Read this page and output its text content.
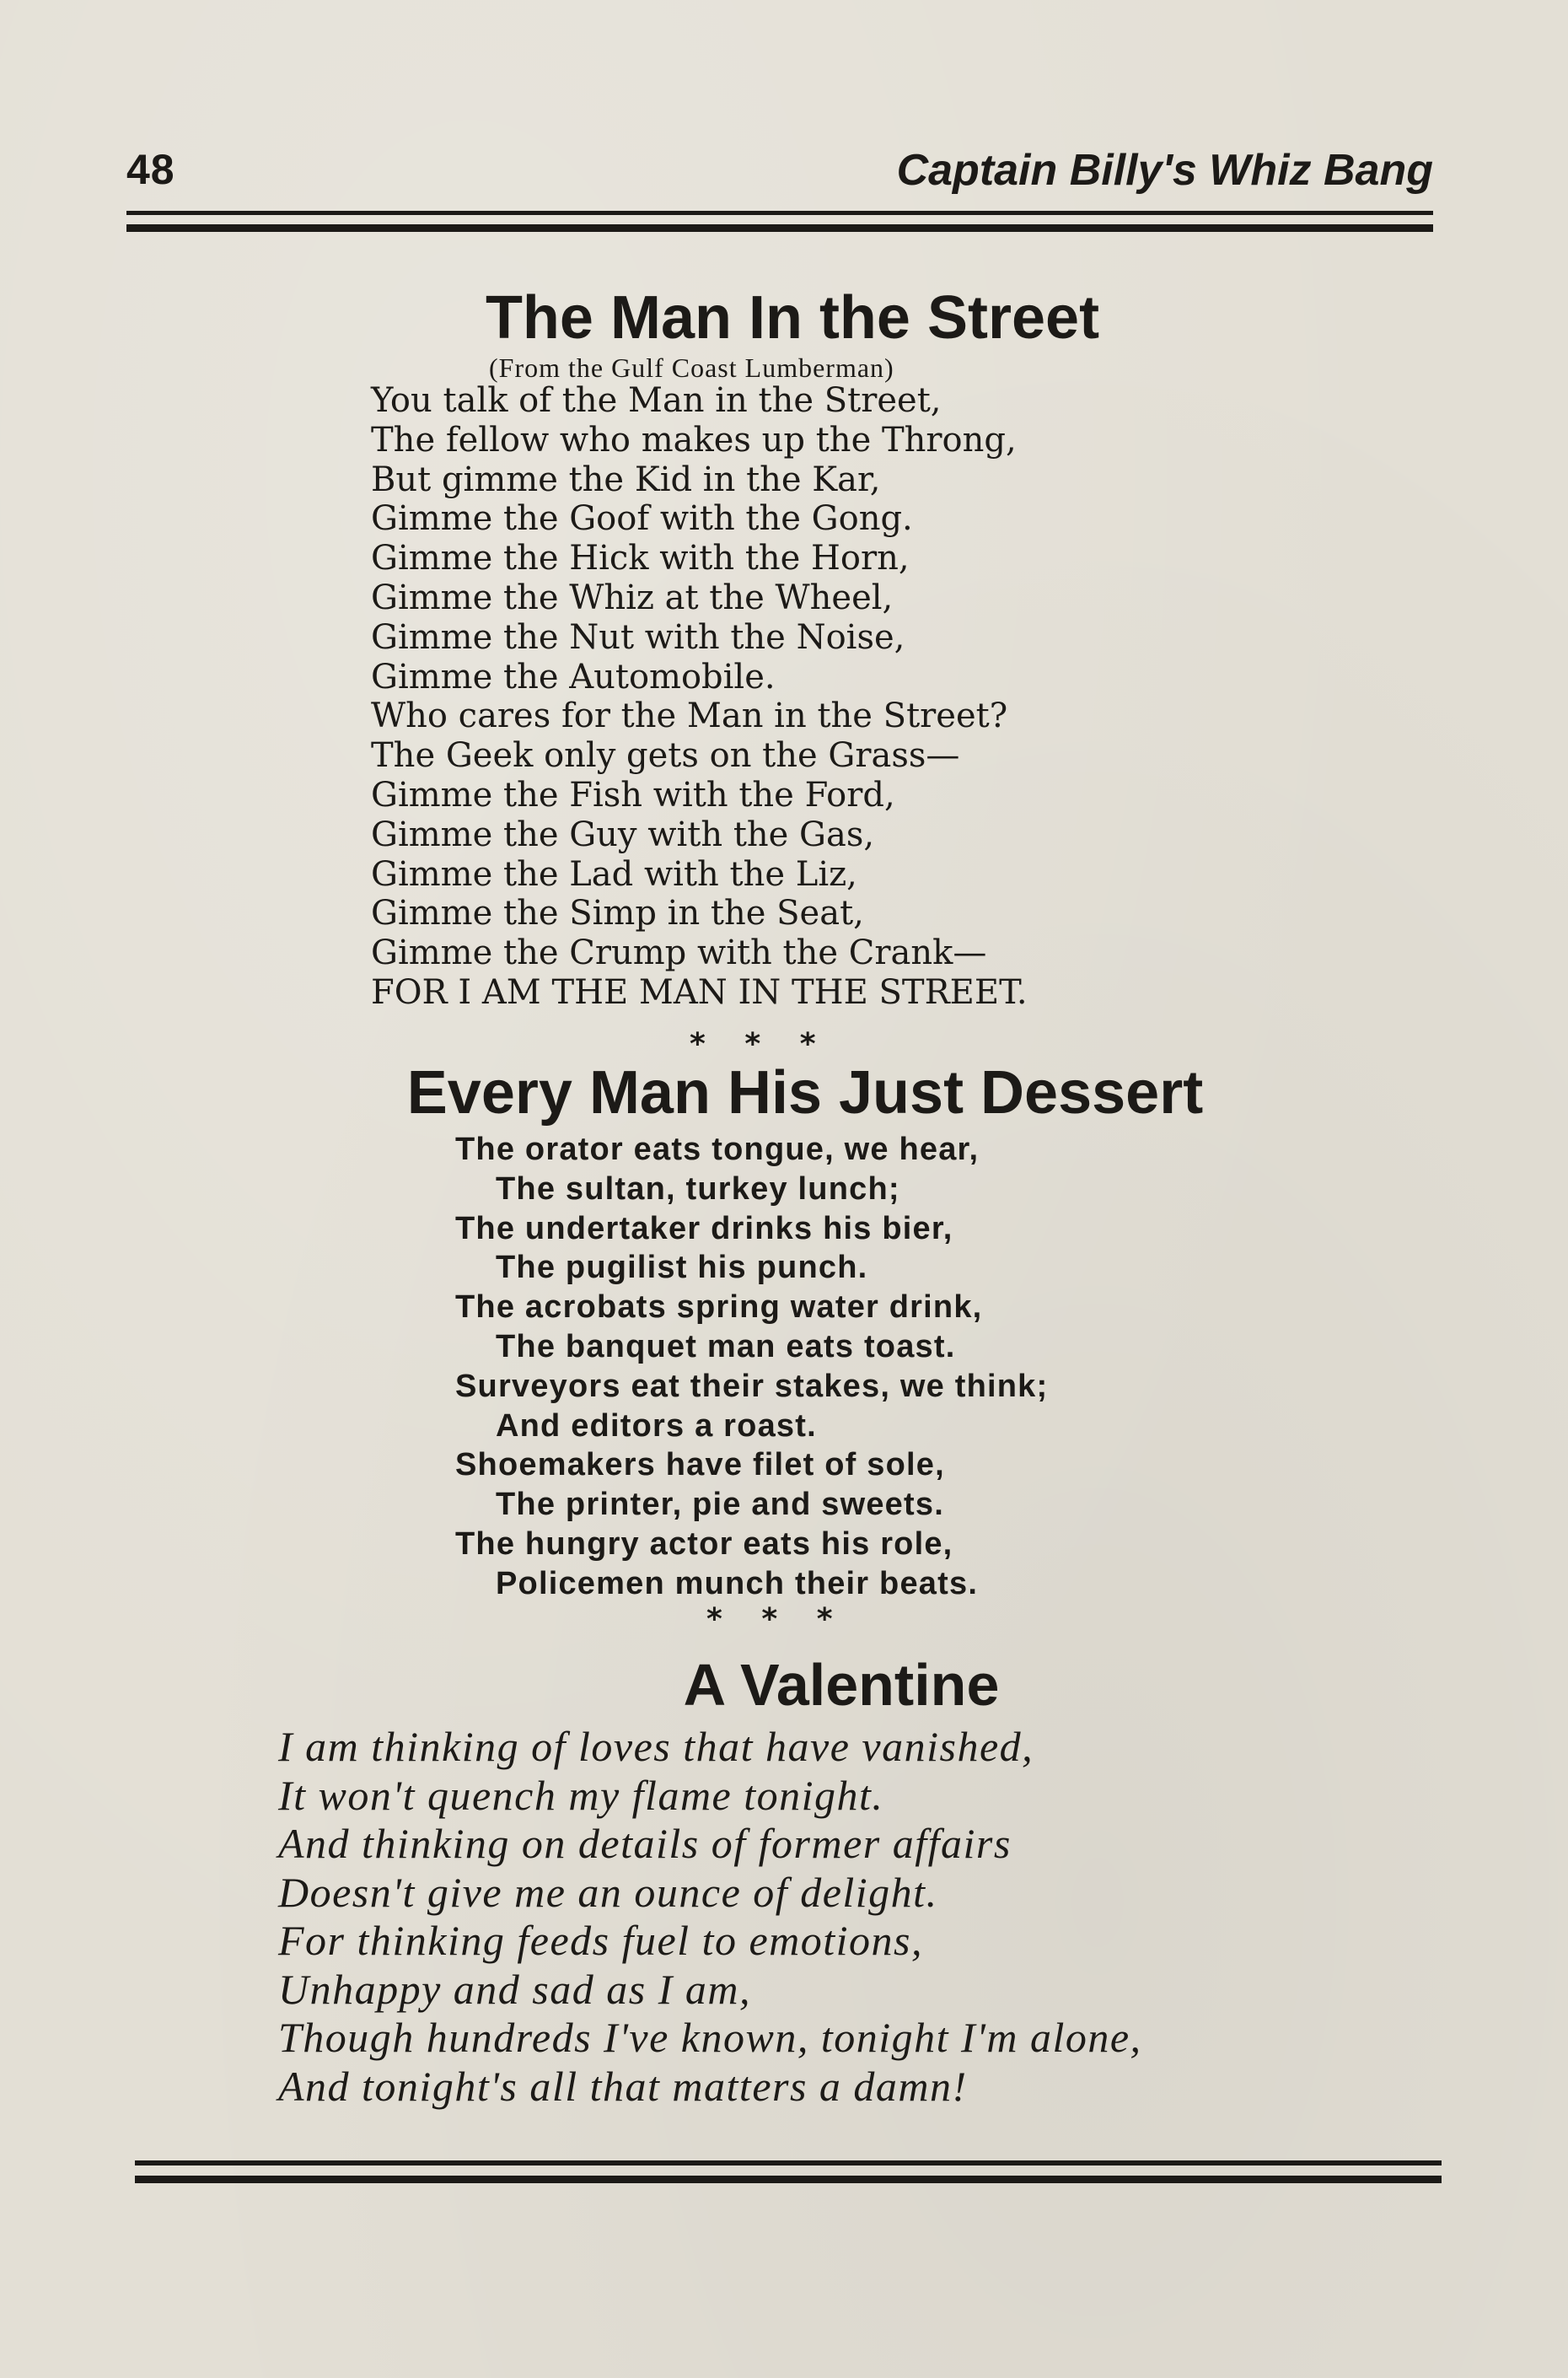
48	Captain Billy's Whiz Bang
The Man In the Street
(From the Gulf Coast Lumberman)
You talk of the Man in the Street,
The fellow who makes up the Throng,
But gimme the Kid in the Kar,
Gimme the Goof with the Gong.
Gimme the Hick with the Horn,
Gimme the Whiz at the Wheel,
Gimme the Nut with the Noise,
Gimme the Automobile.
Who cares for the Man in the Street?
The Geek only gets on the Grass—
Gimme the Fish with the Ford,
Gimme the Guy with the Gas,
Gimme the Lad with the Liz,
Gimme the Simp in the Seat,
Gimme the Crump with the Crank—
FOR I AM THE MAN IN THE STREET.
* * *
Every Man His Just Dessert
The orator eats tongue, we hear,
The sultan, turkey lunch;
The undertaker drinks his bier,
The pugilist his punch.
The acrobats spring water drink,
The banquet man eats toast.
Surveyors eat their stakes, we think;
And editors a roast.
Shoemakers have filet of sole,
The printer, pie and sweets.
The hungry actor eats his role,
Policemen munch their beats.
* * *
A Valentine
I am thinking of loves that have vanished,
It won't quench my flame tonight.
And thinking on details of former affairs
Doesn't give me an ounce of delight.
For thinking feeds fuel to emotions,
Unhappy and sad as I am,
Though hundreds I've known, tonight I'm alone,
And tonight's all that matters a damn!
